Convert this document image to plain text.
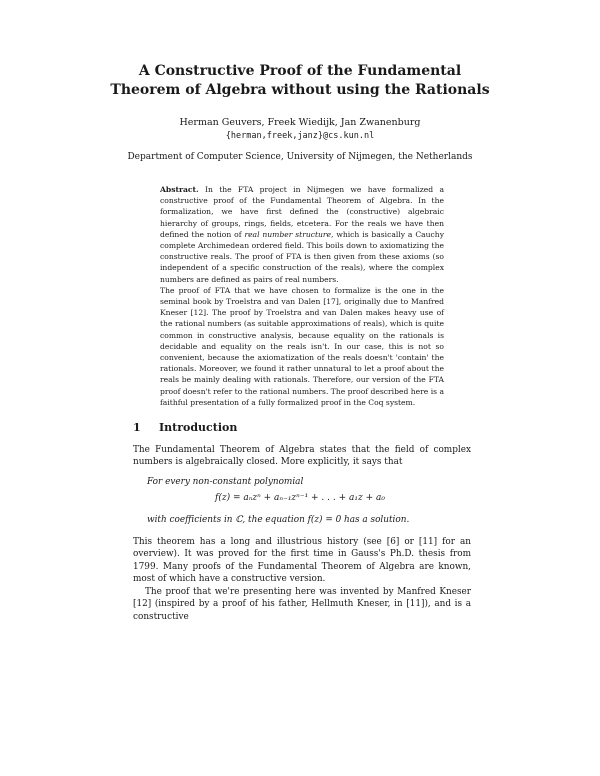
A Constructive Proof of the Fundamental
Theorem of Algebra without using the Rationals
Herman Geuvers, Freek Wiedijk, Jan Zwanenburg
{herman,freek,janz}@cs.kun.nl
Department of Computer Science, University of Nijmegen, the Netherlands

Abstract. In the FTA project in Nijmegen we have formalized a constructive proof of the Fundamental Theorem of Algebra. In the formalization, we have first defined the (constructive) algebraic hierarchy of groups, rings, fields, etcetera. For the reals we have then defined the notion of real number structure, which is basically a Cauchy complete Archimedean ordered field. This boils down to axiomatizing the constructive reals. The proof of FTA is then given from these axioms (so independent of a specific construction of the reals), where the complex numbers are defined as pairs of real numbers.

The proof of FTA that we have chosen to formalize is the one in the seminal book by Troelstra and van Dalen [17], originally due to Manfred Kneser [12]. The proof by Troelstra and van Dalen makes heavy use of the rational numbers (as suitable approximations of reals), which is quite common in constructive analysis, because equality on the rationals is decidable and equality on the reals isn't. In our case, this is not so convenient, because the axiomatization of the reals doesn't 'contain' the rationals. Moreover, we found it rather unnatural to let a proof about the reals be mainly dealing with rationals. Therefore, our version of the FTA proof doesn't refer to the rational numbers. The proof described here is a faithful presentation of a fully formalized proof in the Coq system.

1 Introduction
The Fundamental Theorem of Algebra states that the field of complex numbers is algebraically closed. More explicitly, it says that
For every non-constant polynomial
f(z) = aₙzⁿ + aₙ₋₁zⁿ⁻¹ + . . . + a₁z + a₀
with coefficients in ℂ, the equation f(z) = 0 has a solution.
This theorem has a long and illustrious history (see [6] or [11] for an overview). It was proved for the first time in Gauss's Ph.D. thesis from 1799. Many proofs of the Fundamental Theorem of Algebra are known, most of which have a constructive version.
The proof that we're presenting here was invented by Manfred Kneser [12] (inspired by a proof of his father, Hellmuth Kneser, in [11]), and is a constructive
